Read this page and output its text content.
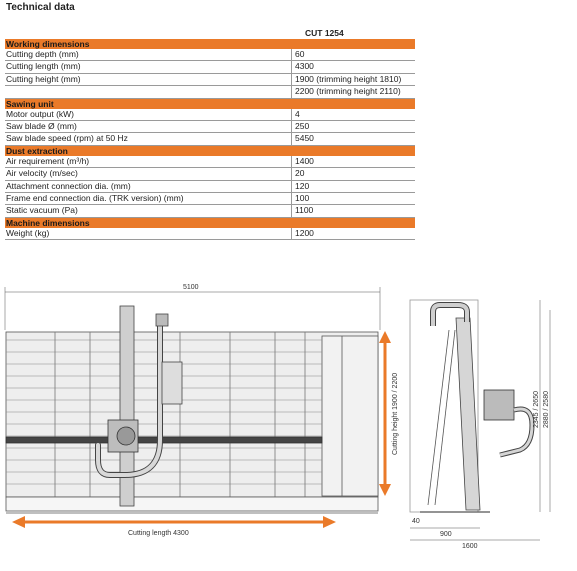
Technical data
CUT 1254
Working dimensions
Cutting depth (mm)	60
Cutting length (mm)	4300
Cutting height (mm)	1900 (trimming height 1810)
2200 (trimming height 2110)
Sawing unit
Motor output (kW)	4
Saw blade Ø (mm)	250
Saw blade speed (rpm) at 50 Hz	5450
Dust extraction
Air requirement (m³/h)	1400
Air velocity (m/sec)	20
Attachment connection dia. (mm)	120
Frame end connection dia. (TRK version) (mm)	100
Static vacuum (Pa)	1100
Machine dimensions
Weight (kg)	1200
5100
Cutting length 4300
Cutting height 1900 / 2200	2345 / 2650 2880 / 2580
40
900
1600
